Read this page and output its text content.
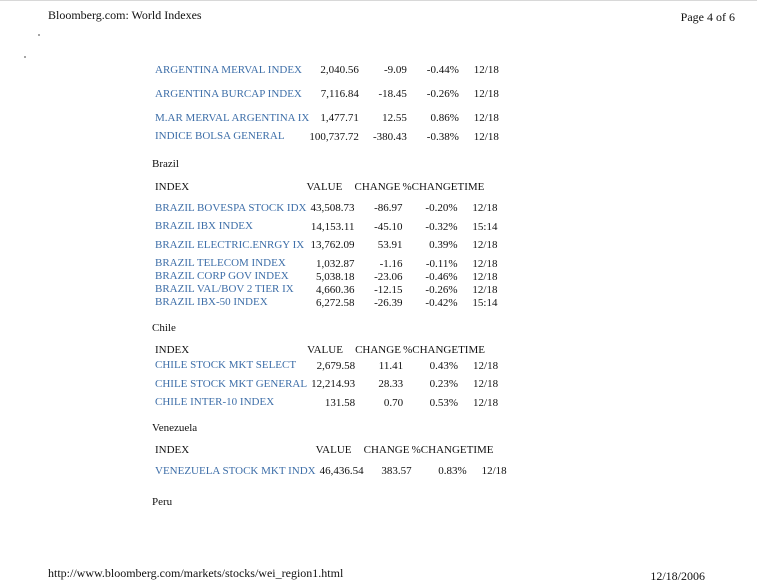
Bloomberg.com: World Indexes	Page 4 of 6
ARGENTINA MERVAL INDEX	2,040.56	-9.09	-0.44%	12/18
ARGENTINA BURCAP INDEX	7,116.84	-18.45	-0.26%	12/18
M.AR MERVAL ARGENTINA IX	1,477.71	12.55	0.86%	12/18
INDICE BOLSA GENERAL	100,737.72	-380.43	-0.38%	12/18
Brazil
INDEX	VALUE	CHANGE	%CHANGE	TIME
BRAZIL BOVESPA STOCK IDX	43,508.73	-86.97	-0.20%	12/18
BRAZIL IBX INDEX	14,153.11	-45.10	-0.32%	15:14
BRAZIL ELECTRIC.ENRGY IX	13,762.09	53.91	0.39%	12/18
BRAZIL TELECOM INDEX	1,032.87	-1.16	-0.11%	12/18
BRAZIL CORP GOV INDEX	5,038.18	-23.06	-0.46%	12/18
BRAZIL VAL/BOV 2 TIER IX	4,660.36	-12.15	-0.26%	12/18
BRAZIL IBX-50 INDEX	6,272.58	-26.39	-0.42%	15:14
Chile
INDEX	VALUE	CHANGE	%CHANGE	TIME
CHILE STOCK MKT SELECT	2,679.58	11.41	0.43%	12/18
CHILE STOCK MKT GENERAL	12,214.93	28.33	0.23%	12/18
CHILE INTER-10 INDEX	131.58	0.70	0.53%	12/18
Venezuela
INDEX	VALUE	CHANGE	%CHANGE	TIME
VENEZUELA STOCK MKT INDX	46,436.54	383.57	0.83%	12/18
Peru
http://www.bloomberg.com/markets/stocks/wei_region1.html	12/18/2006
